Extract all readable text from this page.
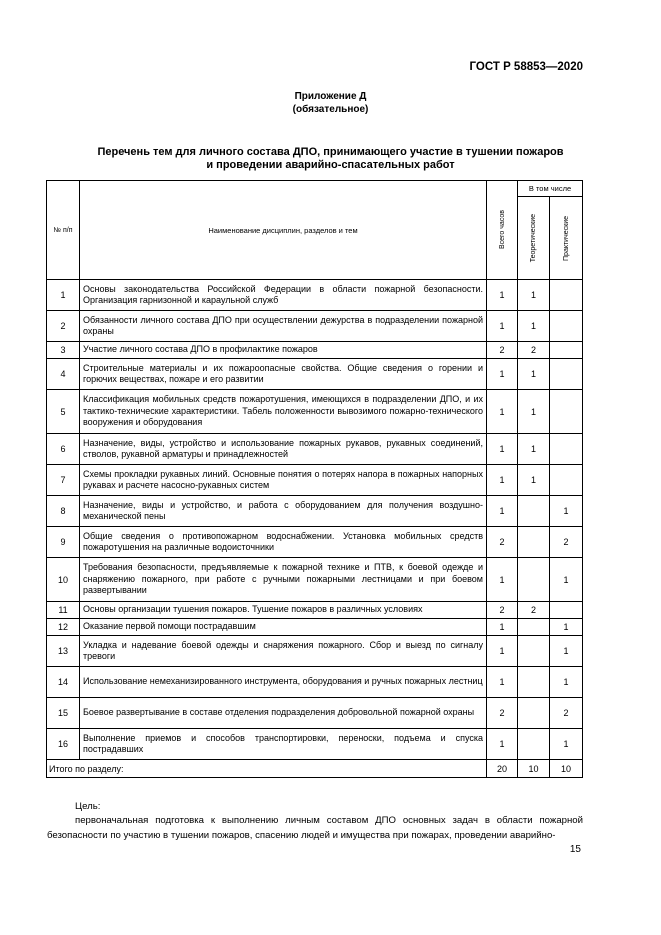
ГОСТ Р 58853—2020
Приложение Д
(обязательное)
Перечень тем для личного состава ДПО, принимающего участие в тушении пожаров
и проведении аварийно-спасательных работ
№ п/п	Наименование дисциплин, разделов и тем	Всего часов	В том числе	

			Теоретические	Практические

1	Основы законодательства Российской Федерации в области пожарной безопасности. Организация гарнизонной и караульной служб	1	1	
2	Обязанности личного состава ДПО при осуществлении дежурства в подразделении пожарной охраны	1	1	
3	Участие личного состава ДПО в профилактике пожаров	2	2	
4	Строительные материалы и их пожароопасные свойства. Общие сведения о горении и горючих веществах, пожаре и его развитии	1	1	
5	Классификация мобильных средств пожаротушения, имеющихся в подразделении ДПО, и их тактико-технические характеристики. Табель положенности вывозимого пожарно-технического вооружения и оборудования	1	1	
6	Назначение, виды, устройство и использование пожарных рукавов, рукавных соединений, стволов, рукавной арматуры и принадлежностей	1	1	
7	Схемы прокладки рукавных линий. Основные понятия о потерях напора в пожарных напорных рукавах и расчете насосно-рукавных систем	1	1	
8	Назначение, виды и устройство, и работа с оборудованием для получения воздушно-механической пены	1		1
9	Общие сведения о противопожарном водоснабжении. Установка мобильных средств пожаротушения на различные водоисточники	2		2
10	Требования безопасности, предъявляемые к пожарной технике и ПТВ, к боевой одежде и снаряжению пожарного, при работе с ручными пожарными лестницами и при боевом развертывании	1		1
11	Основы организации тушения пожаров. Тушение пожаров в различных условиях	2	2	
12	Оказание первой помощи пострадавшим	1		1
13	Укладка и надевание боевой одежды и снаряжения пожарного. Сбор и выезд по сигналу тревоги	1		1
14	Использование немеханизированного инструмента, оборудования и ручных пожарных лестниц	1		1
15	Боевое развертывание в составе отделения подразделения добровольной пожарной охраны	2		2
16	Выполнение приемов и способов транспортировки, переноски, подъема и спуска пострадавших	1		1
Итого по разделу:		20	10	10
Цель:
первоначальная подготовка к выполнению личным составом ДПО основных задач в области пожарной безопасности по участию в тушении пожаров, спасению людей и имущества при пожарах, проведении аварийно-
15
